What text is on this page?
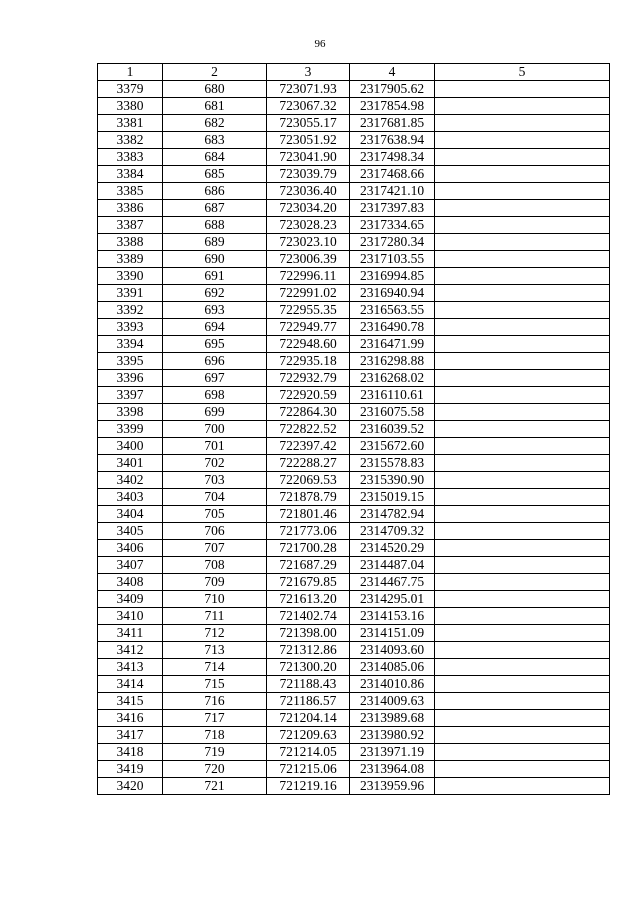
96
1	2	3	4	5
3379	680	723071.93	2317905.62	
3380	681	723067.32	2317854.98	
3381	682	723055.17	2317681.85	
3382	683	723051.92	2317638.94	
3383	684	723041.90	2317498.34	
3384	685	723039.79	2317468.66	
3385	686	723036.40	2317421.10	
3386	687	723034.20	2317397.83	
3387	688	723028.23	2317334.65	
3388	689	723023.10	2317280.34	
3389	690	723006.39	2317103.55	
3390	691	722996.11	2316994.85	
3391	692	722991.02	2316940.94	
3392	693	722955.35	2316563.55	
3393	694	722949.77	2316490.78	
3394	695	722948.60	2316471.99	
3395	696	722935.18	2316298.88	
3396	697	722932.79	2316268.02	
3397	698	722920.59	2316110.61	
3398	699	722864.30	2316075.58	
3399	700	722822.52	2316039.52	
3400	701	722397.42	2315672.60	
3401	702	722288.27	2315578.83	
3402	703	722069.53	2315390.90	
3403	704	721878.79	2315019.15	
3404	705	721801.46	2314782.94	
3405	706	721773.06	2314709.32	
3406	707	721700.28	2314520.29	
3407	708	721687.29	2314487.04	
3408	709	721679.85	2314467.75	
3409	710	721613.20	2314295.01	
3410	711	721402.74	2314153.16	
3411	712	721398.00	2314151.09	
3412	713	721312.86	2314093.60	
3413	714	721300.20	2314085.06	
3414	715	721188.43	2314010.86	
3415	716	721186.57	2314009.63	
3416	717	721204.14	2313989.68	
3417	718	721209.63	2313980.92	
3418	719	721214.05	2313971.19	
3419	720	721215.06	2313964.08	
3420	721	721219.16	2313959.96	
